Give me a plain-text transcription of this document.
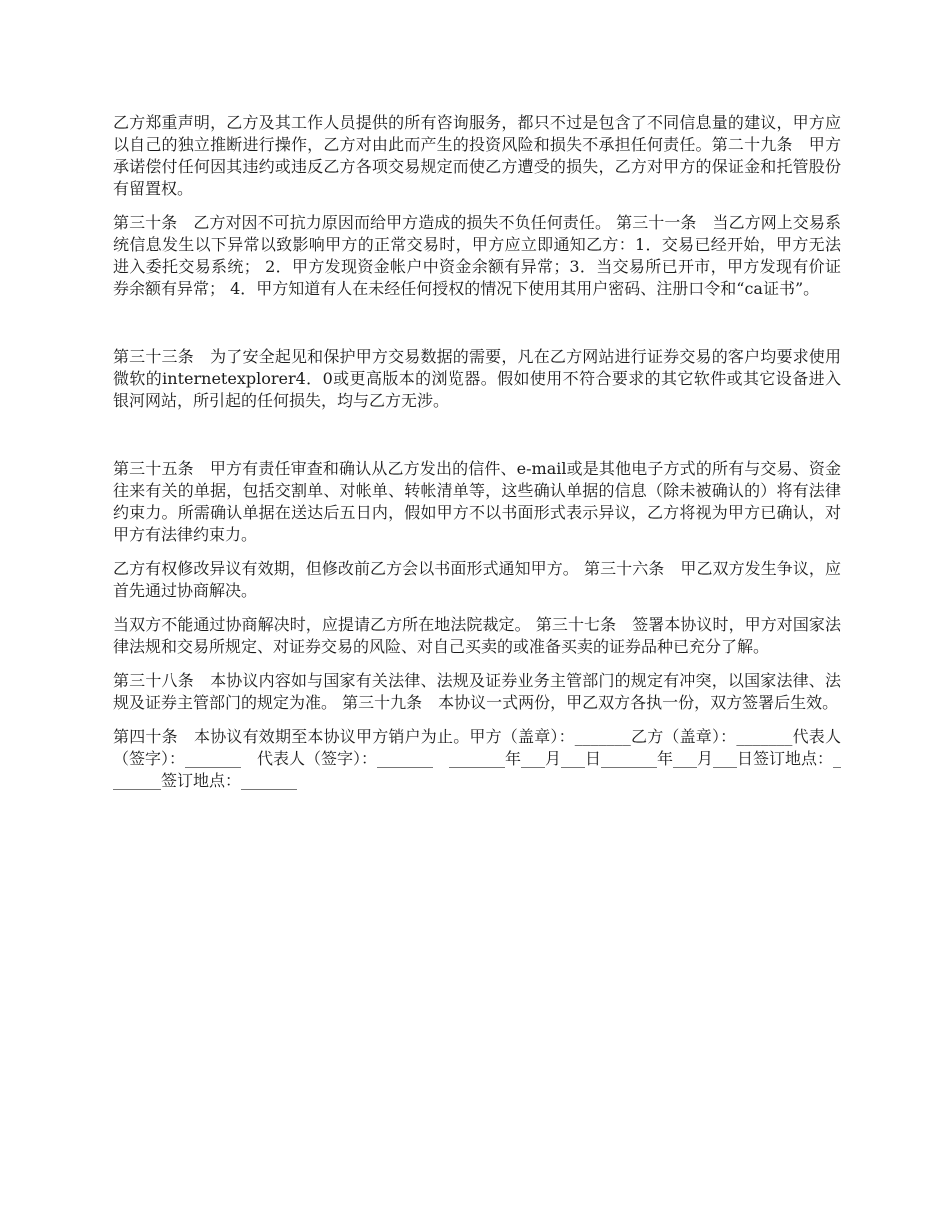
乙方郑重声明，乙方及其工作人员提供的所有咨询服务，都只不过是包含了不同信息量的建议，甲方应以自己的独立推断进行操作，乙方对由此而产生的投资风险和损失不承担任何责任。第二十九条　甲方承诺偿付任何因其违约或违反乙方各项交易规定而使乙方遭受的损失，乙方对甲方的保证金和托管股份有留置权。

第三十条　乙方对因不可抗力原因而给甲方造成的损失不负任何责任。 第三十一条　当乙方网上交易系统信息发生以下异常以致影响甲方的正常交易时，甲方应立即通知乙方：1．交易已经开始，甲方无法进入委托交易系统； 2．甲方发现资金帐户中资金余额有异常；3．当交易所已开市，甲方发现有价证券余额有异常； 4．甲方知道有人在未经任何授权的情况下使用其用户密码、注册口令和“ca证书”。

第三十三条　为了安全起见和保护甲方交易数据的需要，凡在乙方网站进行证券交易的客户均要求使用微软的internetexplorer4．0或更高版本的浏览器。假如使用不符合要求的其它软件或其它设备进入银河网站，所引起的任何损失，均与乙方无涉。

第三十五条　甲方有责任审查和确认从乙方发出的信件、e-mail或是其他电子方式的所有与交易、资金往来有关的单据，包括交割单、对帐单、转帐清单等，这些确认单据的信息（除未被确认的）将有法律约束力。所需确认单据在送达后五日内，假如甲方不以书面形式表示异议，乙方将视为甲方已确认，对甲方有法律约束力。

乙方有权修改异议有效期，但修改前乙方会以书面形式通知甲方。 第三十六条　甲乙双方发生争议，应首先通过协商解决。

当双方不能通过协商解决时，应提请乙方所在地法院裁定。 第三十七条　签署本协议时，甲方对国家法律法规和交易所规定、对证券交易的风险、对自己买卖的或准备买卖的证券品种已充分了解。

第三十八条　本协议内容如与国家有关法律、法规及证券业务主管部门的规定有冲突，以国家法律、法规及证券主管部门的规定为准。 第三十九条　本协议一式两份，甲乙双方各执一份，双方签署后生效。

第四十条　本协议有效期至本协议甲方销户为止。甲方（盖章）：_______乙方（盖章）：_______代表人（签字）：_______　代表人（签字）：_______　_______年___月___日_______年___月___日签订地点：_______签订地点：_______
